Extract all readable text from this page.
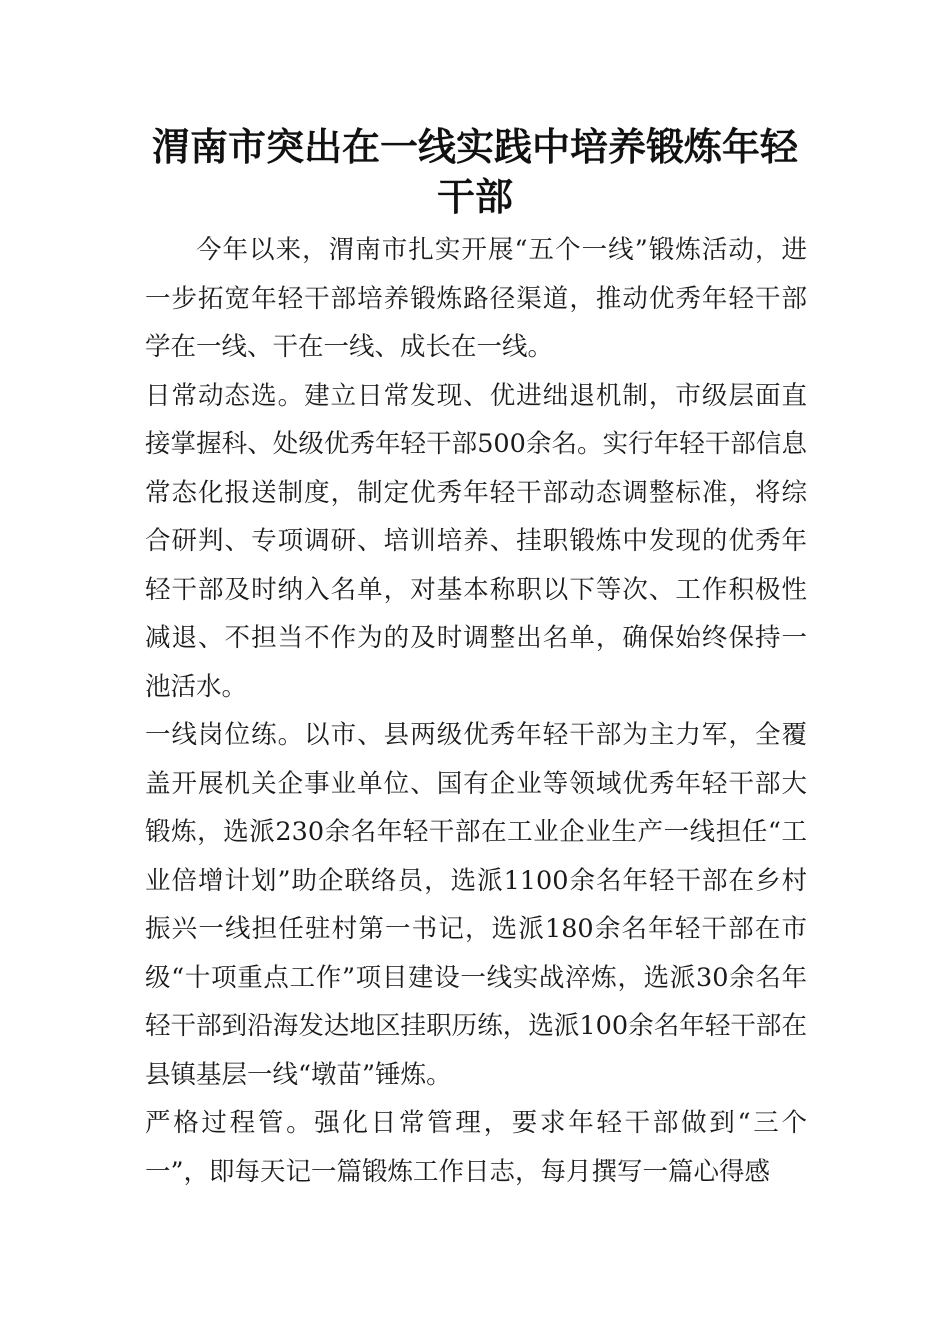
渭南市突出在一线实践中培养锻炼年轻干部

今年以来，渭南市扎实开展“五个一线”锻炼活动，进一步拓宽年轻干部培养锻炼路径渠道，推动优秀年轻干部学在一线、干在一线、成长在一线。

日常动态选。建立日常发现、优进绌退机制，市级层面直接掌握科、处级优秀年轻干部500余名。实行年轻干部信息常态化报送制度，制定优秀年轻干部动态调整标准，将综合研判、专项调研、培训培养、挂职锻炼中发现的优秀年轻干部及时纳入名单，对基本称职以下等次、工作积极性减退、不担当不作为的及时调整出名单，确保始终保持一池活水。

一线岗位练。以市、县两级优秀年轻干部为主力军，全覆盖开展机关企事业单位、国有企业等领域优秀年轻干部大锻炼，选派230余名年轻干部在工业企业生产一线担任“工业倍增计划”助企联络员，选派1100余名年轻干部在乡村振兴一线担任驻村第一书记，选派180余名年轻干部在市级“十项重点工作”项目建设一线实战淬炼，选派30余名年轻干部到沿海发达地区挂职历练，选派100余名年轻干部在县镇基层一线“墩苗”锤炼。

严格过程管。强化日常管理，要求年轻干部做到“三个一”，即每天记一篇锻炼工作日志，每月撰写一篇心得感
